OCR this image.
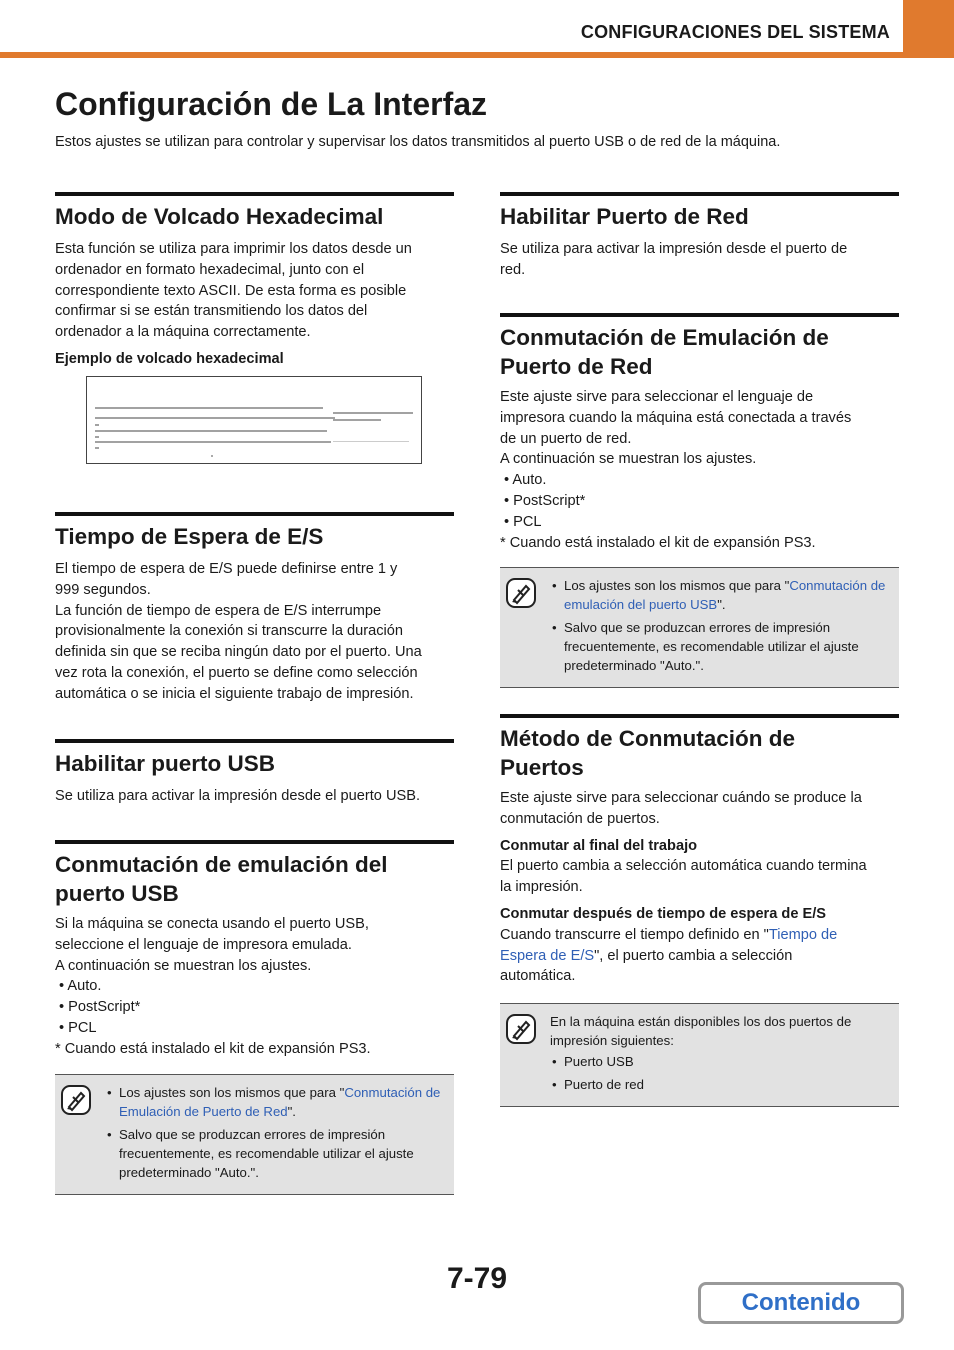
CONFIGURACIONES DEL SISTEMA
Configuración de La Interfaz

Estos ajustes se utilizan para controlar y supervisar los datos transmitidos al puerto USB o de red de la máquina.

Modo de Volcado Hexadecimal

Esta función se utiliza para imprimir los datos desde un

ordenador en formato hexadecimal, junto con el

correspondiente texto ASCII. De esta forma es posible

confirmar si se están transmitiendo los datos del

ordenador a la máquina correctamente.

Ejemplo de volcado hexadecimal

Tiempo de Espera de E/S

El tiempo de espera de E/S puede definirse entre 1 y

999 segundos.

La función de tiempo de espera de E/S interrumpe

provisionalmente la conexión si transcurre la duración

definida sin que se reciba ningún dato por el puerto. Una

vez rota la conexión, el puerto se define como selección

automática o se inicia el siguiente trabajo de impresión.

Habilitar puerto USB

Se utiliza para activar la impresión desde el puerto USB.

Conmutación de emulación del
puerto USB

Si la máquina se conecta usando el puerto USB,

seleccione el lenguaje de impresora emulada.

A continuación se muestran los ajustes.

• Auto.
• PostScript*
• PCL

* Cuando está instalado el kit de expansión PS3.

• Los ajustes son los mismos que para "Conmutación de Emulación de Puerto de Red".
• Salvo que se produzcan errores de impresión frecuentemente, es recomendable utilizar el ajuste predeterminado "Auto.".
Habilitar Puerto de Red

Se utiliza para activar la impresión desde el puerto de

red.

Conmutación de Emulación de
Puerto de Red

Este ajuste sirve para seleccionar el lenguaje de

impresora cuando la máquina está conectada a través

de un puerto de red.

A continuación se muestran los ajustes.

• Auto.
• PostScript*
• PCL

* Cuando está instalado el kit de expansión PS3.

• Los ajustes son los mismos que para "Conmutación de emulación del puerto USB".
• Salvo que se produzcan errores de impresión frecuentemente, es recomendable utilizar el ajuste predeterminado "Auto.".
Método de Conmutación de
Puertos

Este ajuste sirve para seleccionar cuándo se produce la

conmutación de puertos.

Conmutar al final del trabajo

El puerto cambia a selección automática cuando termina

la impresión.

Conmutar después de tiempo de espera de E/S

Cuando transcurre el tiempo definido en "Tiempo de

Espera de E/S", el puerto cambia a selección

automática.

En la máquina están disponibles los dos puertos de impresión siguientes:

• Puerto USB
• Puerto de red
7-79
Contenido
